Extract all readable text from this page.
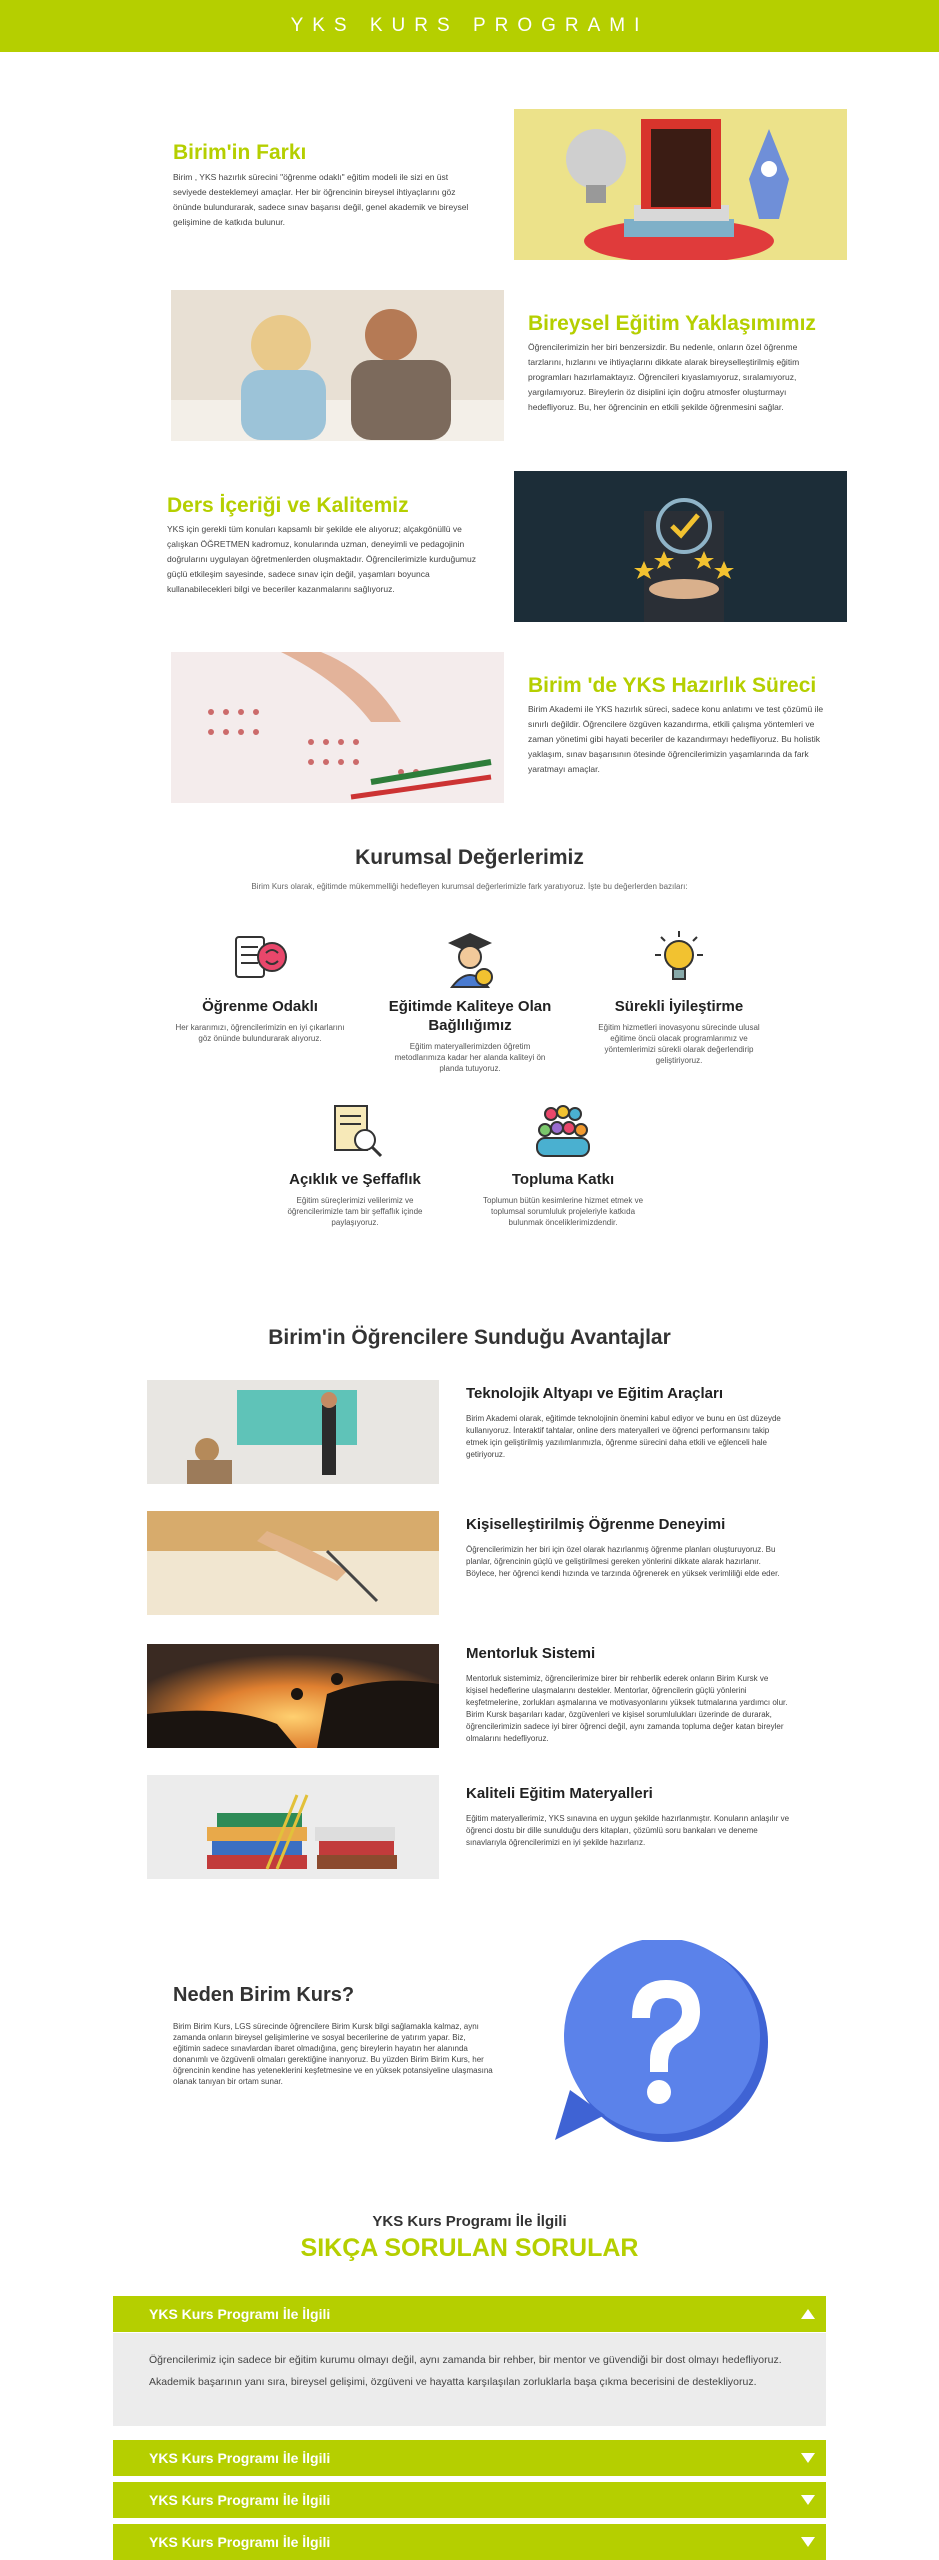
YKS KURS PROGRAMI
Birim'in Farkı
Birim , YKS hazırlık sürecini "öğrenme odaklı" eğitim modeli ile sizi en üst seviyede desteklemeyi amaçlar. Her bir öğrencinin bireysel ihtiyaçlarını göz önünde bulundurarak, sadece sınav başarısı değil, genel akademik ve bireysel gelişimine de katkıda bulunur.
Bireysel Eğitim Yaklaşımımız
Öğrencilerimizin her biri benzersizdir. Bu nedenle, onların özel öğrenme tarzlarını, hızlarını ve ihtiyaçlarını dikkate alarak bireyselleştirilmiş eğitim programları hazırlamaktayız. Öğrencileri kıyaslamıyoruz, sıralamıyoruz, yargılamıyoruz. Bireylerin öz disiplini için doğru atmosfer oluşturmayı hedefliyoruz. Bu, her öğrencinin en etkili şekilde öğrenmesini sağlar.
Ders İçeriği ve Kalitemiz
YKS için gerekli tüm konuları kapsamlı bir şekilde ele alıyoruz; alçakgönüllü ve çalışkan ÖĞRETMEN kadromuz, konularında uzman, deneyimli ve pedagojinin doğrularını uygulayan öğretmenlerden oluşmaktadır. Öğrencilerimizle kurduğumuz güçlü etkileşim sayesinde, sadece sınav için değil, yaşamları boyunca kullanabilecekleri bilgi ve beceriler kazanmalarını sağlıyoruz.
Birim 'de YKS Hazırlık Süreci
Birim Akademi ile YKS hazırlık süreci, sadece konu anlatımı ve test çözümü ile sınırlı değildir. Öğrencilere özgüven kazandırma, etkili çalışma yöntemleri ve zaman yönetimi gibi hayati beceriler de kazandırmayı hedefliyoruz. Bu holistik yaklaşım, sınav başarısının ötesinde öğrencilerimizin yaşamlarında da fark yaratmayı amaçlar.
Kurumsal Değerlerimiz
Birim Kurs olarak, eğitimde mükemmelliği hedefleyen kurumsal değerlerimizle fark yaratıyoruz. İşte bu değerlerden bazıları:
Öğrenme Odaklı
Her kararımızı, öğrencilerimizin en iyi çıkarlarını göz önünde bulundurarak alıyoruz.
Eğitimde Kaliteye Olan Bağlılığımız
Eğitim materyallerimizden öğretim metodlarımıza kadar her alanda kaliteyi ön planda tutuyoruz.
Sürekli İyileştirme
Eğitim hizmetleri inovasyonu sürecinde ulusal eğitime öncü olacak programlarımız ve yöntemlerimizi sürekli olarak değerlendirip geliştiriyoruz.
Açıklık ve Şeffaflık
Eğitim süreçlerimizi velilerimiz ve öğrencilerimizle tam bir şeffaflık içinde paylaşıyoruz.
Topluma Katkı
Toplumun bütün kesimlerine hizmet etmek ve toplumsal sorumluluk projeleriyle katkıda bulunmak önceliklerimizdendir.
Birim'in Öğrencilere Sunduğu Avantajlar
Teknolojik Altyapı ve Eğitim Araçları
Birim Akademi olarak, eğitimde teknolojinin önemini kabul ediyor ve bunu en üst düzeyde kullanıyoruz. İnteraktif tahtalar, online ders materyalleri ve öğrenci performansını takip etmek için geliştirilmiş yazılımlarımızla, öğrenme sürecini daha etkili ve eğlenceli hale getiriyoruz.
Kişiselleştirilmiş Öğrenme Deneyimi
Öğrencilerimizin her biri için özel olarak hazırlanmış öğrenme planları oluşturuyoruz. Bu planlar, öğrencinin güçlü ve geliştirilmesi gereken yönlerini dikkate alarak hazırlanır. Böylece, her öğrenci kendi hızında ve tarzında öğrenerek en yüksek verimliliği elde eder.
Mentorluk Sistemi
Mentorluk sistemimiz, öğrencilerimize birer bir rehberlik ederek onların Birim Kursk ve kişisel hedeflerine ulaşmalarını destekler. Mentorlar, öğrencilerin güçlü yönlerini keşfetmelerine, zorlukları aşmalarına ve motivasyonlarını yüksek tutmalarına yardımcı olur. Birim Kursk başarıları kadar, özgüvenleri ve kişisel sorumlulukları üzerinde de durarak, öğrencilerimizin sadece iyi birer öğrenci değil, aynı zamanda topluma değer katan bireyler olmalarını hedefliyoruz.
Kaliteli Eğitim Materyalleri
Eğitim materyallerimiz, YKS sınavına en uygun şekilde hazırlanmıştır. Konuların anlaşılır ve öğrenci dostu bir dille sunulduğu ders kitapları, çözümlü soru bankaları ve deneme sınavlarıyla öğrencilerimizi en iyi şekilde hazırlarız.
Neden Birim Kurs?
Birim Birim Kurs, LGS sürecinde öğrencilere Birim Kursk bilgi sağlamakla kalmaz, aynı zamanda onların bireysel gelişimlerine ve sosyal becerilerine de yatırım yapar. Biz, eğitimin sadece sınavlardan ibaret olmadığına, genç bireylerin hayatın her alanında donanımlı ve özgüvenli olmaları gerektiğine inanıyoruz. Bu yüzden Birim Birim Kurs, her öğrencinin kendine has yeteneklerini keşfetmesine ve en yüksek potansiyeline ulaşmasına olanak tanıyan bir ortam sunar.
YKS Kurs Programı İle İlgili
SIKÇA SORULAN SORULAR
YKS Kurs Programı İle İlgili
Öğrencilerimiz için sadece bir eğitim kurumu olmayı değil, aynı zamanda bir rehber, bir mentor ve güvendiği bir dost olmayı hedefliyoruz. Akademik başarının yanı sıra, bireysel gelişimi, özgüveni ve hayatta karşılaşılan zorluklarla başa çıkma becerisini de destekliyoruz.
YKS Kurs Programı İle İlgili
YKS Kurs Programı İle İlgili
YKS Kurs Programı İle İlgili
